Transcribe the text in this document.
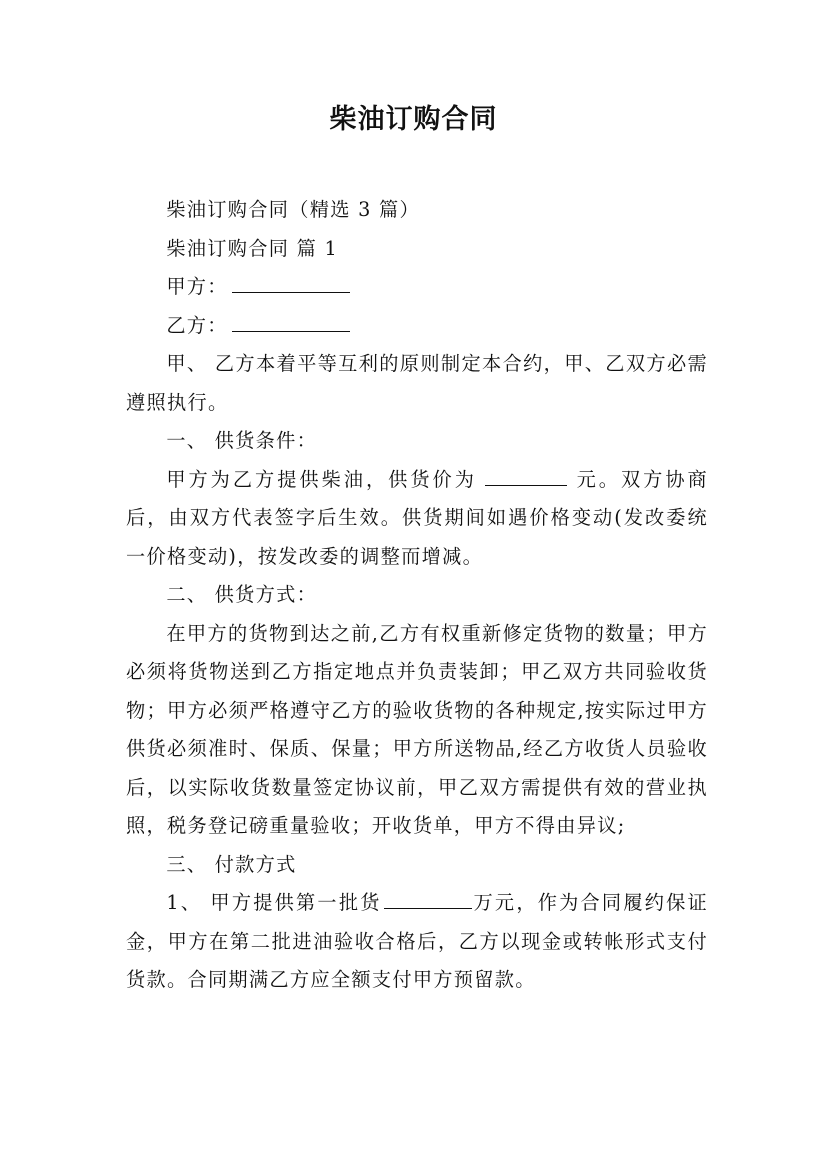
柴油订购合同

柴油订购合同（精选 3 篇）

柴油订购合同 篇 1

甲方：

乙方：

甲、 乙方本着平等互利的原则制定本合约，甲、乙双方必需遵照执行。

一、 供货条件：

甲方为乙方提供柴油，供货价为	元。双方协商后，由双方代表签字后生效。供货期间如遇价格变动(发改委统一价格变动)，按发改委的调整而增减。

二、 供货方式：

在甲方的货物到达之前,乙方有权重新修定货物的数量；甲方必须将货物送到乙方指定地点并负责装卸；甲乙双方共同验收货物；甲方必须严格遵守乙方的验收货物的各种规定,按实际过甲方供货必须准时、保质、保量；甲方所送物品,经乙方收货人员验收后，以实际收货数量签定协议前，甲乙双方需提供有效的营业执照，税务登记磅重量验收；开收货单，甲方不得由异议;

三、 付款方式

1、 甲方提供第一批货	万元，作为合同履约保证金，甲方在第二批进油验收合格后，乙方以现金或转帐形式支付货款。合同期满乙方应全额支付甲方预留款。
